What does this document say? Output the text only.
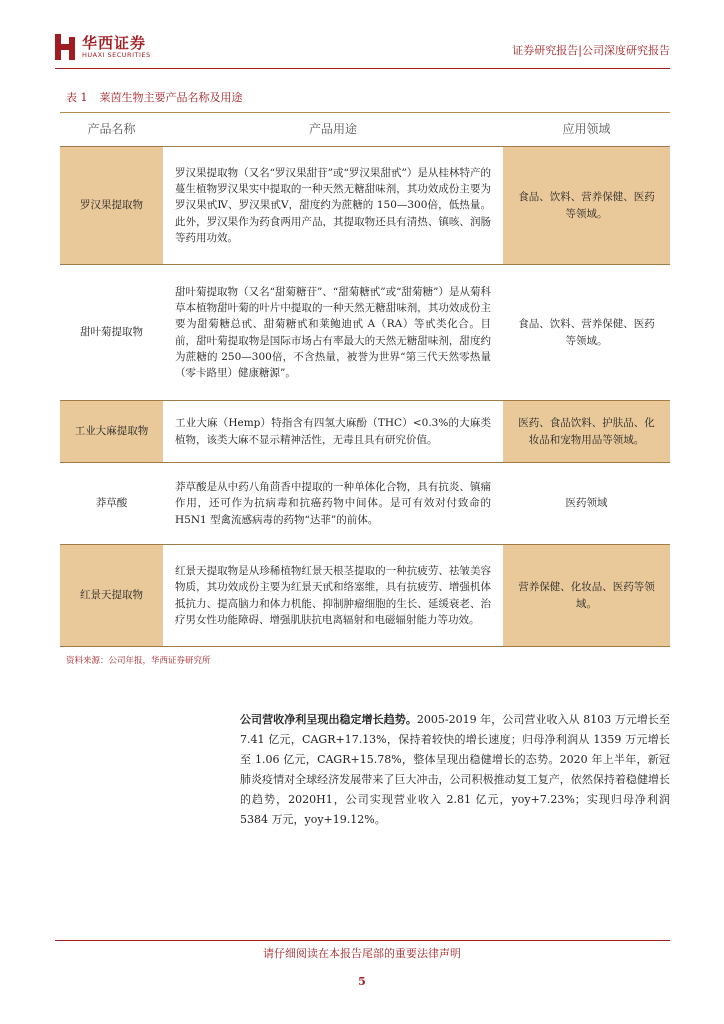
华西证券
HUAXI SECURITIES	证券研究报告|公司深度研究报告
表 1 莱茵生物主要产品名称及用途
产品名称	产品用途	应用领域
罗汉果提取物	罗汉果提取物（又名“罗汉果甜苷”或“罗汉果甜甙”）是从桂林特产的蔓生植物罗汉果实中提取的一种天然无糖甜味剂，其功效成份主要为罗汉果甙Ⅳ、罗汉果甙Ⅴ，甜度约为蔗糖的 150—300倍，低热量。此外，罗汉果作为药食两用产品，其提取物还具有清热、镇咳、润肠等药用功效。	食品、饮料、营养保健、医药等领域。
甜叶菊提取物	甜叶菊提取物（又名“甜菊糖苷”、“甜菊糖甙”或“甜菊糖”）是从菊科草本植物甜叶菊的叶片中提取的一种天然无糖甜味剂，其功效成份主要为甜菊糖总甙、甜菊糖甙和莱鲍迪甙 A（RA）等甙类化合。目前，甜叶菊提取物是国际市场占有率最大的天然无糖甜味剂，甜度约为蔗糖的 250—300倍，不含热量，被誉为世界“第三代天然零热量（零卡路里）健康糖源”。	食品、饮料、营养保健、医药等领域。
工业大麻提取物	工业大麻（Hemp）特指含有四氢大麻酚（THC）<0.3%的大麻类植物，该类大麻不显示精神活性，无毒且具有研究价值。	医药、食品饮料、护肤品、化妆品和宠物用品等领域。
莽草酸	莽草酸是从中药八角茴香中提取的一种单体化合物，具有抗炎、镇痛作用，还可作为抗病毒和抗癌药物中间体。是可有效对付致命的 H5N1 型禽流感病毒的药物“达菲”的前体。	医药领域
红景天提取物	红景天提取物是从珍稀植物红景天根茎提取的一种抗疲劳、祛皱美容物质，其功效成份主要为红景天甙和络塞维，具有抗疲劳、增强机体抵抗力、提高脑力和体力机能、抑制肿瘤细胞的生长、延缓衰老、治疗男女性功能障碍、增强肌肤抗电离辐射和电磁辐射能力等功效。	营养保健、化妆品、医药等领域。
资料来源：公司年报，华西证券研究所
公司营收净利呈现出稳定增长趋势。2005-2019 年，公司营业收入从 8103 万元增长至 7.41 亿元，CAGR+17.13%，保持着较快的增长速度；归母净利润从 1359 万元增长至 1.06 亿元，CAGR+15.78%，整体呈现出稳健增长的态势。2020 年上半年，新冠肺炎疫情对全球经济发展带来了巨大冲击，公司积极推动复工复产，依然保持着稳健增长的趋势，2020H1，公司实现营业收入 2.81 亿元，yoy+7.23%；实现归母净利润5384 万元，yoy+19.12%。
请仔细阅读在本报告尾部的重要法律声明
5
